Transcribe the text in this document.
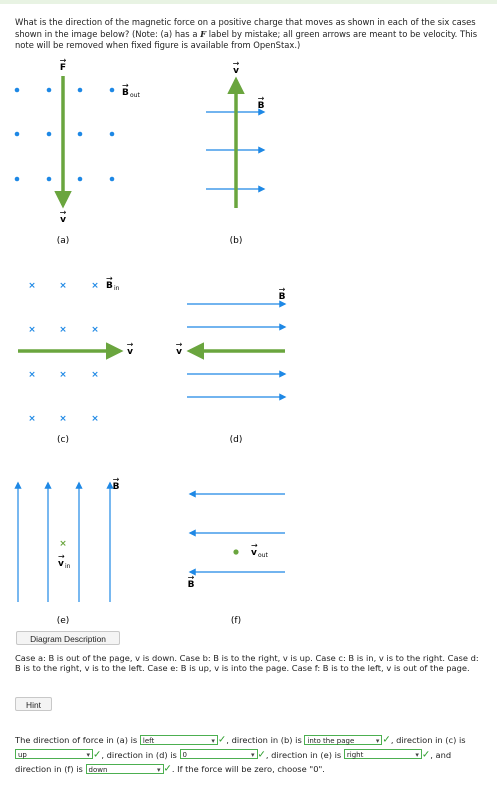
What is the direction of the magnetic force on a positive charge that moves as shown in each of the six cases shown in the image below? (Note: (a) has a F label by mistake; all green arrows are meant to be velocity. This note will be removed when fixed figure is available from OpenStax.)
F
→
v
→
B
→
out
(a)
v
→
B
→
(b)
×	×	×
×	×	×
×	×	×
×	×	×
v
→
B
→
in
(c)
v
→
B
→
(d)
×
v
→
in
B
→
(e)
v
→
out
B
→
(f)
Diagram Description
Case a: B is out of the page, v is down. Case b: B is to the right, v is up. Case c: B is in, v is to the right. Case d: B is to the right, v is to the left. Case e: B is up, v is into the page. Case f: B is to the left, v is out of the page.
Hint
The direction of force in (a) is left	▾ ✓, direction in (b) is into the page	▾ ✓, direction in (c) is up	▾ ✓, direction in (d) is 0	▾ ✓, direction in (e) is right	▾ ✓, and direction in (f) is down	▾ ✓. If the force will be zero, choose "0".
